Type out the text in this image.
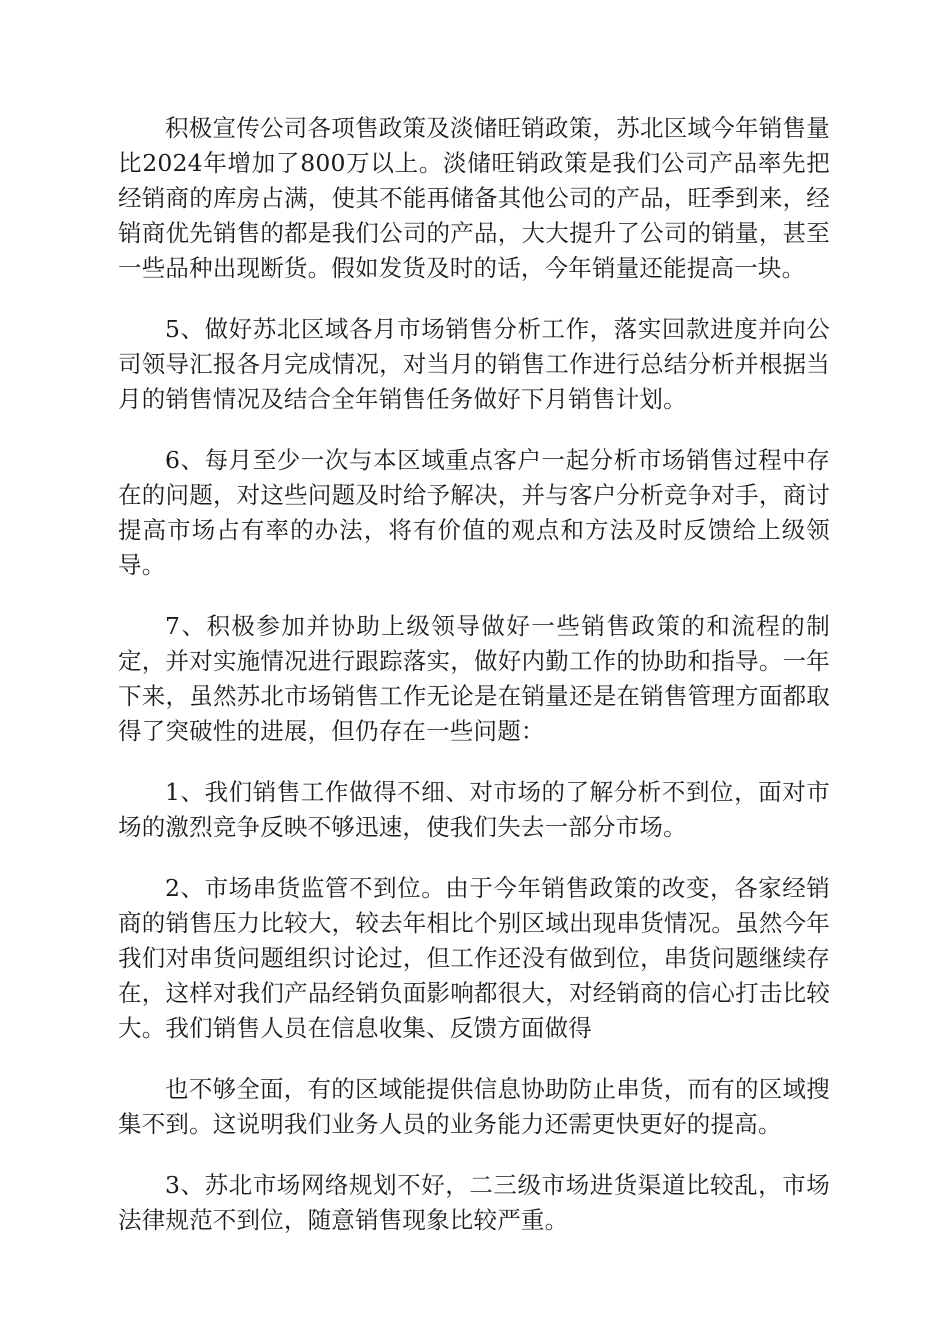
积极宣传公司各项售政策及淡储旺销政策，苏北区域今年销售量比2024年增加了800万以上。淡储旺销政策是我们公司产品率先把经销商的库房占满，使其不能再储备其他公司的产品，旺季到来，经销商优先销售的都是我们公司的产品，大大提升了公司的销量，甚至一些品种出现断货。假如发货及时的话，今年销量还能提高一块。

5、做好苏北区域各月市场销售分析工作，落实回款进度并向公司领导汇报各月完成情况，对当月的销售工作进行总结分析并根据当月的销售情况及结合全年销售任务做好下月销售计划。

6、每月至少一次与本区域重点客户一起分析市场销售过程中存在的问题，对这些问题及时给予解决，并与客户分析竞争对手，商讨提高市场占有率的办法，将有价值的观点和方法及时反馈给上级领导。

7、积极参加并协助上级领导做好一些销售政策的和流程的制定，并对实施情况进行跟踪落实，做好内勤工作的协助和指导。一年下来，虽然苏北市场销售工作无论是在销量还是在销售管理方面都取得了突破性的进展，但仍存在一些问题：

1、我们销售工作做得不细、对市场的了解分析不到位，面对市场的激烈竞争反映不够迅速，使我们失去一部分市场。

2、市场串货监管不到位。由于今年销售政策的改变，各家经销商的销售压力比较大，较去年相比个别区域出现串货情况。虽然今年我们对串货问题组织讨论过，但工作还没有做到位，串货问题继续存在，这样对我们产品经销负面影响都很大，对经销商的信心打击比较大。我们销售人员在信息收集、反馈方面做得

也不够全面，有的区域能提供信息协助防止串货，而有的区域搜集不到。这说明我们业务人员的业务能力还需更快更好的提高。

3、苏北市场网络规划不好，二三级市场进货渠道比较乱，市场法律规范不到位，随意销售现象比较严重。
